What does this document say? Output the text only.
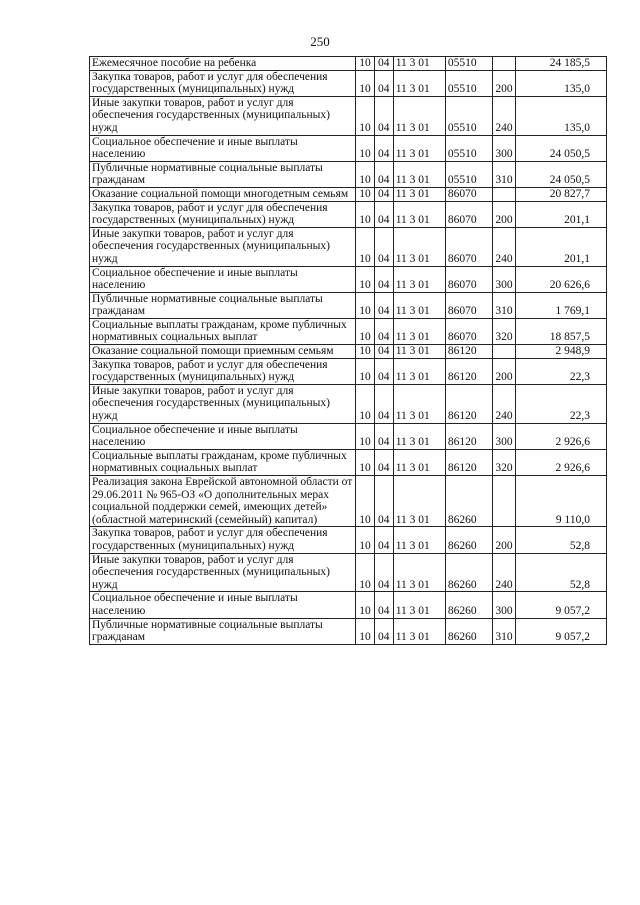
250
Ежемесячное пособие на ребенка	10	04	11 3 01	05510		24 185,5
Закупка товаров, работ и услуг для обеспечения государственных (муниципальных) нужд	10	04	11 3 01	05510	200	135,0
Иные закупки товаров, работ и услуг для обеспечения государственных (муниципальных) нужд	10	04	11 3 01	05510	240	135,0
Социальное обеспечение и иные выплаты населению	10	04	11 3 01	05510	300	24 050,5
Публичные нормативные социальные выплаты гражданам	10	04	11 3 01	05510	310	24 050,5
Оказание социальной помощи многодетным семьям	10	04	11 3 01	86070		20 827,7
Закупка товаров, работ и услуг для обеспечения государственных (муниципальных) нужд	10	04	11 3 01	86070	200	201,1
Иные закупки товаров, работ и услуг для обеспечения государственных (муниципальных) нужд	10	04	11 3 01	86070	240	201,1
Социальное обеспечение и иные выплаты населению	10	04	11 3 01	86070	300	20 626,6
Публичные нормативные социальные выплаты гражданам	10	04	11 3 01	86070	310	1 769,1
Социальные выплаты гражданам, кроме публичных нормативных социальных выплат	10	04	11 3 01	86070	320	18 857,5
Оказание социальной помощи приемным семьям	10	04	11 3 01	86120		2 948,9
Закупка товаров, работ и услуг для обеспечения государственных (муниципальных) нужд	10	04	11 3 01	86120	200	22,3
Иные закупки товаров, работ и услуг для обеспечения государственных (муниципальных) нужд	10	04	11 3 01	86120	240	22,3
Социальное обеспечение и иные выплаты населению	10	04	11 3 01	86120	300	2 926,6
Социальные выплаты гражданам, кроме публичных нормативных социальных выплат	10	04	11 3 01	86120	320	2 926,6
Реализация закона Еврейской автономной области от 29.06.2011 № 965-ОЗ «О дополнительных мерах социальной поддержки семей, имеющих детей» (областной материнский (семейный) капитал)	10	04	11 3 01	86260		9 110,0
Закупка товаров, работ и услуг для обеспечения государственных (муниципальных) нужд	10	04	11 3 01	86260	200	52,8
Иные закупки товаров, работ и услуг для обеспечения государственных (муниципальных) нужд	10	04	11 3 01	86260	240	52,8
Социальное обеспечение и иные выплаты населению	10	04	11 3 01	86260	300	9 057,2
Публичные нормативные социальные выплаты гражданам	10	04	11 3 01	86260	310	9 057,2
